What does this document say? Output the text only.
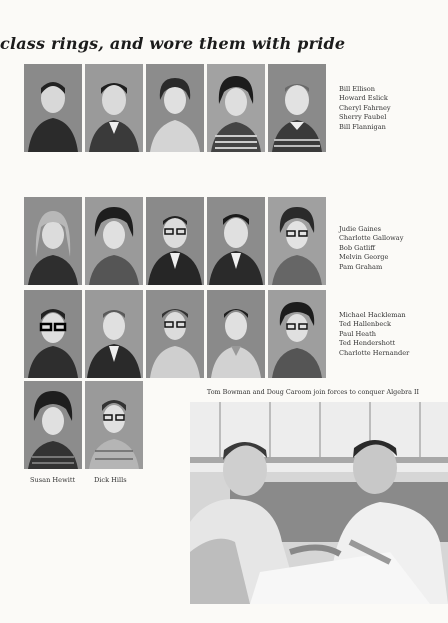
class rings, and wore them with pride
Bill Ellison
Howard Eslick
Cheryl Fahrney
Sherry Faubel
Bill Flannigan
Judie Gaines
Charlotte Galloway
Bob Gatliff
Melvin George
Pam Graham
Michael Hackleman
Ted Hallenbeck
Paul Heath
Ted Hendershott
Charlotte Hernander
Susan Hewitt	Dick Hills
Tom Bowman and Doug Caroom join forces to conquer Algebra II
